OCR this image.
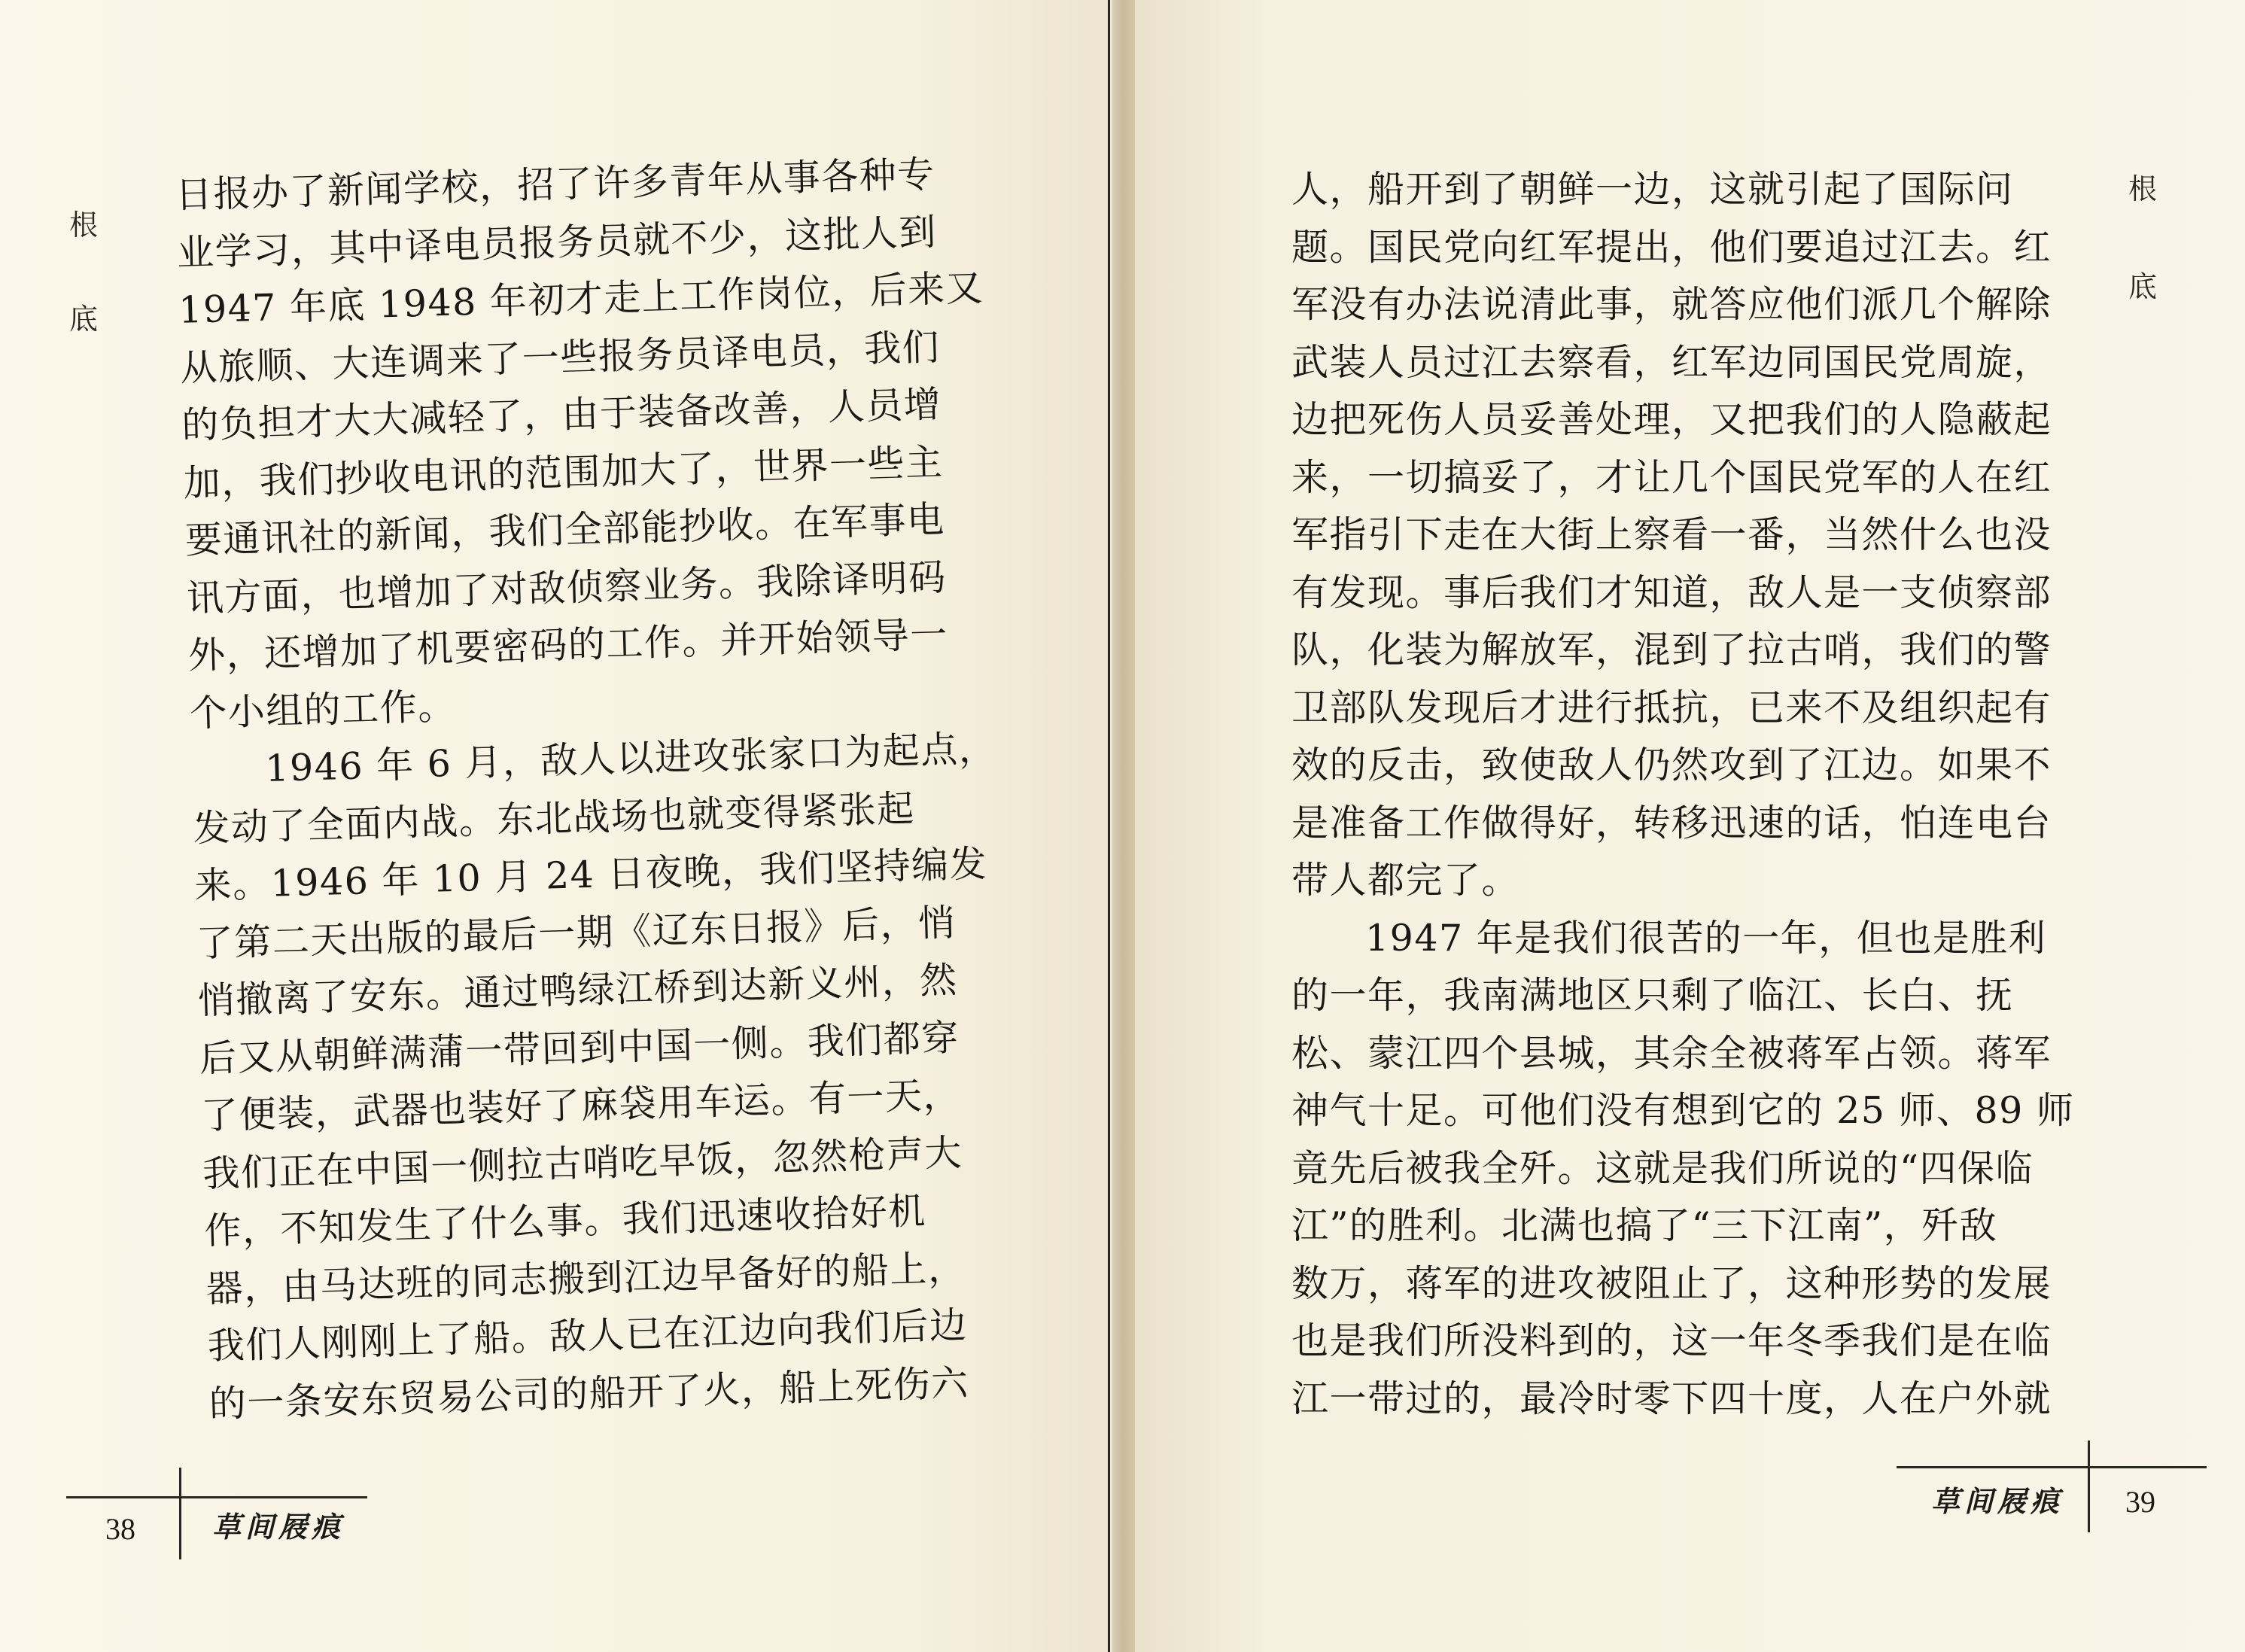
根
底
日报办了新闻学校，招了许多青年从事各种专
业学习，其中译电员报务员就不少，这批人到
1947 年底 1948 年初才走上工作岗位，后来又
从旅顺、大连调来了一些报务员译电员，我们
的负担才大大减轻了，由于装备改善，人员增
加，我们抄收电讯的范围加大了，世界一些主
要通讯社的新闻，我们全部能抄收。在军事电
讯方面，也增加了对敌侦察业务。我除译明码
外，还增加了机要密码的工作。并开始领导一
个小组的工作。
1946 年 6 月，敌人以进攻张家口为起点，
发动了全面内战。东北战场也就变得紧张起
来。1946 年 10 月 24 日夜晚，我们坚持编发
了第二天出版的最后一期《辽东日报》后，悄
悄撤离了安东。通过鸭绿江桥到达新义州，然
后又从朝鲜满蒲一带回到中国一侧。我们都穿
了便装，武器也装好了麻袋用车运。有一天，
我们正在中国一侧拉古哨吃早饭，忽然枪声大
作，不知发生了什么事。我们迅速收拾好机
器，由马达班的同志搬到江边早备好的船上，
我们人刚刚上了船。敌人已在江边向我们后边
的一条安东贸易公司的船开了火，船上死伤六
38	草间屐痕
人，船开到了朝鲜一边，这就引起了国际问
题。国民党向红军提出，他们要追过江去。红
军没有办法说清此事，就答应他们派几个解除
武装人员过江去察看，红军边同国民党周旋，
边把死伤人员妥善处理，又把我们的人隐蔽起
来，一切搞妥了，才让几个国民党军的人在红
军指引下走在大街上察看一番，当然什么也没
有发现。事后我们才知道，敌人是一支侦察部
队，化装为解放军，混到了拉古哨，我们的警
卫部队发现后才进行抵抗，已来不及组织起有
效的反击，致使敌人仍然攻到了江边。如果不
是准备工作做得好，转移迅速的话，怕连电台
带人都完了。
1947 年是我们很苦的一年，但也是胜利
的一年，我南满地区只剩了临江、长白、抚
松、蒙江四个县城，其余全被蒋军占领。蒋军
神气十足。可他们没有想到它的 25 师、89 师
竟先后被我全歼。这就是我们所说的“四保临
江”的胜利。北满也搞了“三下江南”，歼敌
数万，蒋军的进攻被阻止了，这种形势的发展
也是我们所没料到的，这一年冬季我们是在临
江一带过的，最冷时零下四十度，人在户外就
根
底
草间屐痕 39
